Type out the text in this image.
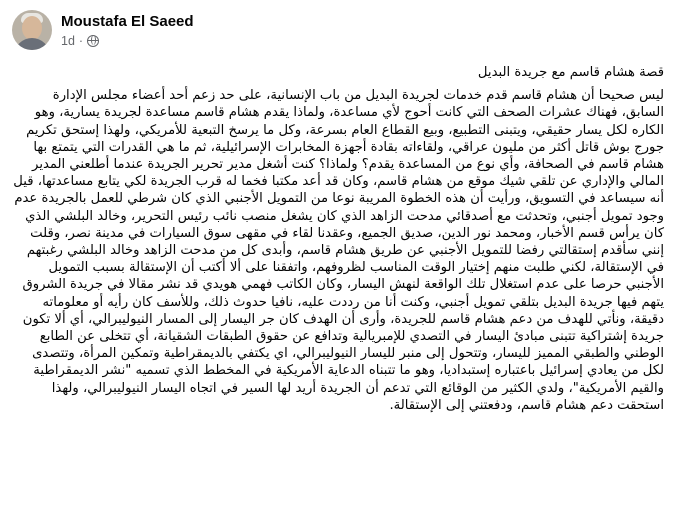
Moustafa El Saeed
1d ·

قصة هشام قاسم مع جريدة البديل

ليس صحيحا أن هشام قاسم قدم خدمات لجريدة البديل من باب الإنسانية، على حد زعم أحد أعضاء مجلس الإدارة السابق، فهناك عشرات الصحف التي كانت أحوج لأي مساعدة، ولماذا يقدم هشام قاسم مساعدة لجريدة يسارية، وهو الكاره لكل يسار حقيقي، ويتبنى التطبيع، وبيع القطاع العام بسرعة، وكل ما يرسخ التبعية للأمريكي، ولهذا إستحق تكريم جورج بوش قاتل أكثر من مليون عراقي، ولقاءاته بقادة أجهزة المخابرات الإسرائيلية، ثم ما هي القدرات التي يتمتع بها هشام قاسم في الصحافة، وأي نوع من المساعدة يقدم؟ ولماذا؟ كنت أشغل مدير تحرير الجريدة عندما أطلعني المدير المالي والإداري عن تلقي شيك موقع من هشام قاسم، وكان قد أعد مكتبا فخما له قرب الجريدة لكي يتابع مساعدتها، قيل أنه سيساعد في التسويق، ورأيت أن هذه الخطوة المريبة نوعا من التمويل الأجنبي الذي كان شرطي للعمل بالجريدة عدم وجود تمويل أجنبي، وتحدثت مع أصدقائي مدحت الزاهد الذي كان يشغل منصب نائب رئيس التحرير، وخالد البلشي الذي كان يرأس قسم الأخبار، ومحمد نور الدين، صديق الجميع، وعقدنا لقاء في مقهى سوق السيارات في مدينة نصر، وقلت إنني سأقدم إستقالتي رفضا للتمويل الأجنبي عن طريق هشام قاسم، وأبدى كل من مدحت الزاهد وخالد البلشي رغبتهم في الإستقالة، لكني طلبت منهم إختيار الوقت المناسب لظروفهم، واتفقنا على ألا أكتب أن الإستقالة بسبب التمويل الأجنبي حرصا على عدم استغلال تلك الواقعة لنهش اليسار، وكان الكاتب فهمي هويدي قد نشر مقالا في جريدة الشروق يتهم فيها جريدة البديل بتلقي تمويل أجنبي، وكنت أنا من رددت عليه، نافيا حدوث ذلك، وللأسف كان رأيه أو معلوماته دقيقة، ونأتي للهدف من دعم هشام قاسم للجريدة، وأرى أن الهدف كان جر اليسار إلى المسار النيوليبرالي، أي ألا تكون جريدة إشتراكية تتبنى مبادئ اليسار في التصدي للإمبريالية وتدافع عن حقوق الطبقات الشقيانة، أي تتخلى عن الطابع الوطني والطبقي المميز لليسار، وتتحول إلى منبر لليسار النيوليبرالي، اي يكتفي بالديمقراطية وتمكين المرأة، وتتصدى لكل من يعادي إسرائيل باعتباره إستبداديا، وهو ما تتبناه الدعاية الأمريكية في المخطط الذي تسميه "نشر الديمقراطية والقيم الأمريكية"، ولدي الكثير من الوقائع التي تدعم أن الجريدة أريد لها السير في اتجاه اليسار النيوليبرالي، ولهذا استحقت دعم هشام قاسم، ودفعتني إلى الإستقالة.
